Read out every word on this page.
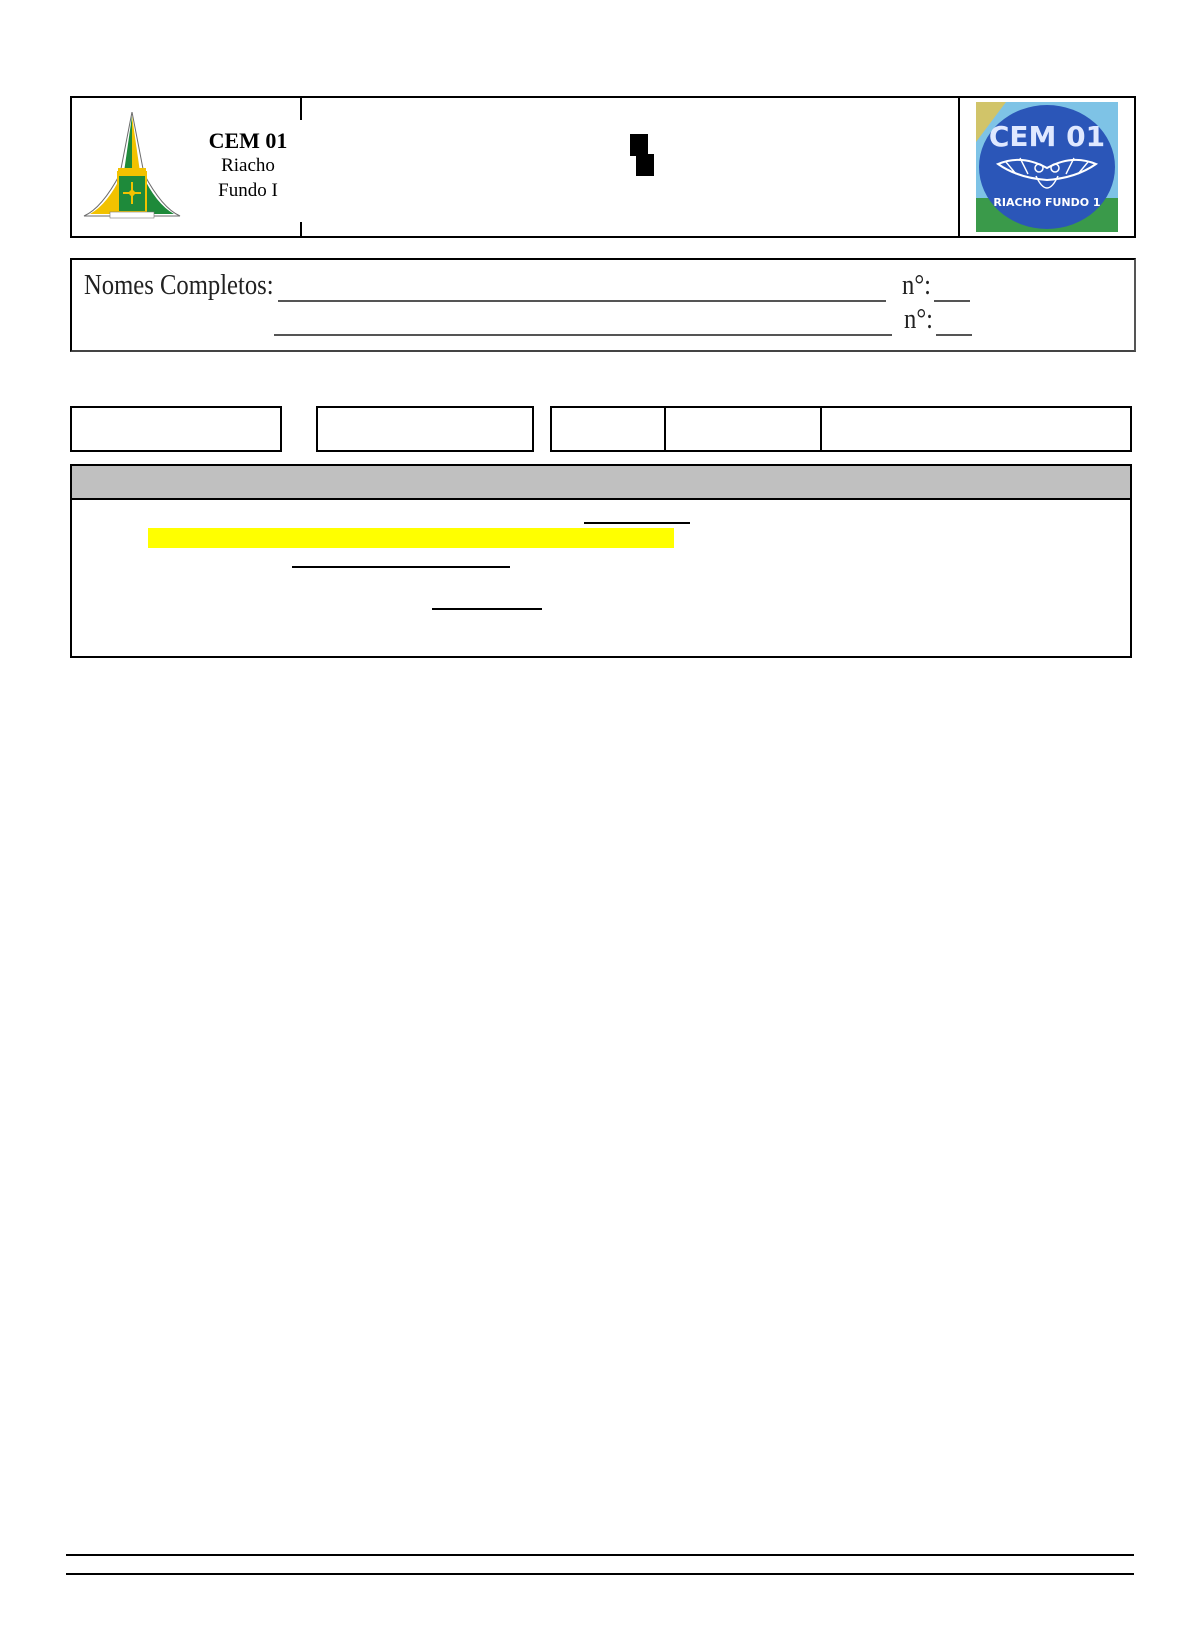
CEM 01
Riacho
Fundo I
CEM 01
RIACHO FUNDO 1
Nomes Completos:	n°:
n°:
